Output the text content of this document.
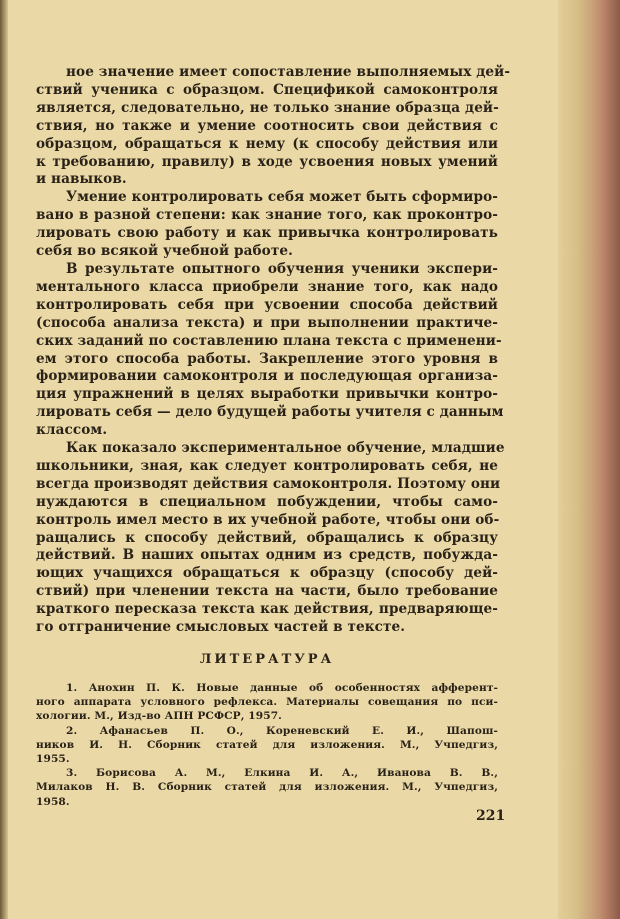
ное значение имеет сопоставление выполняемых дей-
ствий ученика с образцом. Спецификой самоконтроля
является, следовательно, не только знание образца дей-
ствия, но также и умение соотносить свои действия с
образцом, обращаться к нему (к способу действия или
к требованию, правилу) в ходе усвоения новых умений
и навыков.
Умение контролировать себя может быть сформиро-
вано в разной степени: как знание того, как проконтро-
лировать свою работу и как привычка контролировать
себя во всякой учебной работе.
В результате опытного обучения ученики экспери-
ментального класса приобрели знание того, как надо
контролировать себя при усвоении способа действий
(способа анализа текста) и при выполнении практиче-
ских заданий по составлению плана текста с применени-
ем этого способа работы. Закрепление этого уровня в
формировании самоконтроля и последующая организа-
ция упражнений в целях выработки привычки контро-
лировать себя — дело будущей работы учителя с данным
классом.
Как показало экспериментальное обучение, младшие
школьники, зная, как следует контролировать себя, не
всегда производят действия самоконтроля. Поэтому они
нуждаются в специальном побуждении, чтобы само-
контроль имел место в их учебной работе, чтобы они об-
ращались к способу действий, обращались к образцу
действий. В наших опытах одним из средств, побужда-
ющих учащихся обращаться к образцу (способу дей-
ствий) при членении текста на части, было требование
краткого пересказа текста как действия, предваряюще-
го отграничение смысловых частей в тексте.
ЛИТЕРАТУРА
1. Анохин П. К. Новые данные об особенностях афферент-
ного аппарата условного рефлекса. Материалы совещания по пси-
хологии. М., Изд-во АПН РСФСР, 1957.
2. Афанасьев П. О., Кореневский Е. И., Шапош-
ников И. Н. Сборник статей для изложения. М., Учпедгиз,
1955.
3. Борисова А. М., Елкина И. А., Иванова В. В.,
Милаков Н. В. Сборник статей для изложения. М., Учпедгиз,
1958.
221
